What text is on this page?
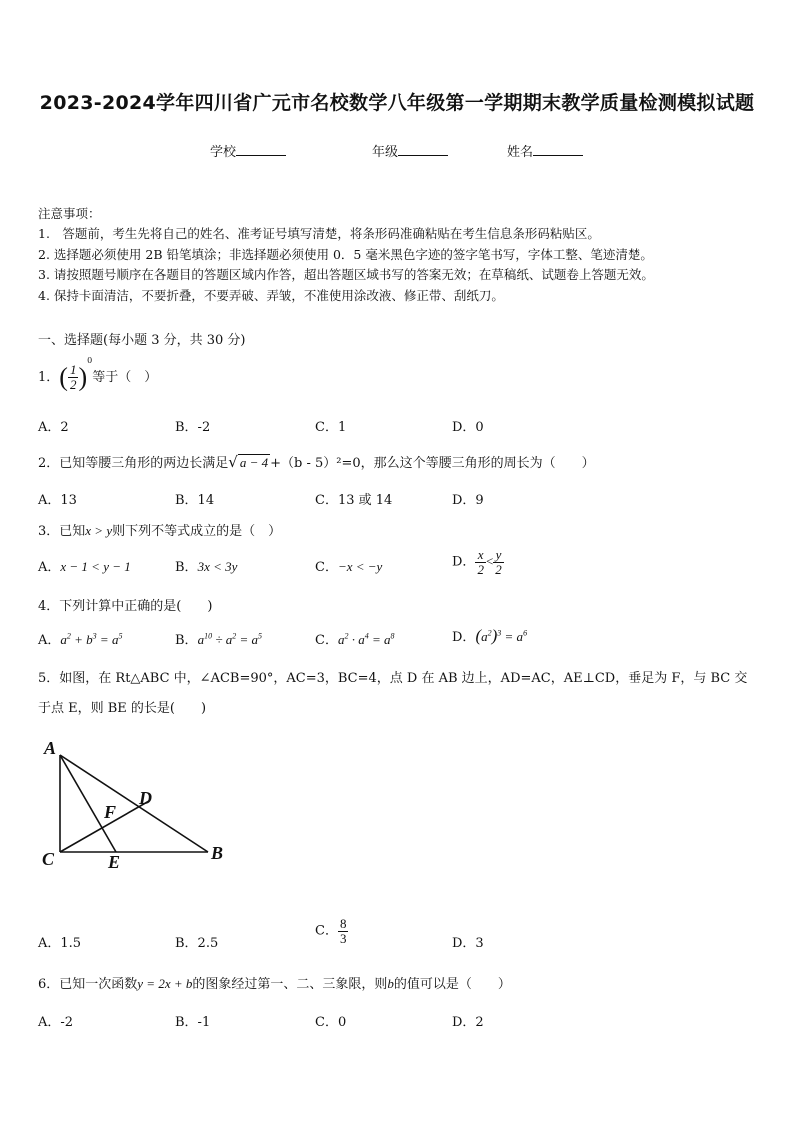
2023-2024学年四川省广元市名校数学八年级第一学期期末教学质量检测模拟试题
学校	年级	姓名
注意事项：
1.　答题前，考生先将自己的姓名、准考证号填写清楚，将条形码准确粘贴在考生信息条形码粘贴区。
2. 选择题必须使用 2B 铅笔填涂；非选择题必须使用 0．5 毫米黑色字迹的签字笔书写，字体工整、笔迹清楚。
3. 请按照题号顺序在各题目的答题区域内作答，超出答题区域书写的答案无效；在草稿纸、试题卷上答题无效。
4. 保持卡面清洁，不要折叠，不要弄破、弄皱，不准使用涂改液、修正带、刮纸刀。
一、选择题(每小题 3 分，共 30 分)
1．( $\frac{1}{2} )^0$等于（　）
A．2	B．-2	C．1	D．0
2．已知等腰三角形的两边长满足√ a − 4 +（b - 5）²=0，那么这个等腰三角形的周长为（　　）
A．13	B．14	C．13 或 14	D．9
3．已知x > y则下列不等式成立的是（　）
A．x − 1 < y − 1	B．3x < 3y	C．−x < −y	D． $\frac{x}{2} < \frac{y}{2}$
4．下列计算中正确的是(　　)
A．$a^2 + b^3 = a^5$	B．$a^{10} \div a^2 = a^5$	C．$a^2 \cdot a^4 = a^8$	D．$(a^2)^3 = a^6$
5．如图，在 Rt△ABC 中，∠ACB=90°，AC=3，BC=4，点 D 在 AB 边上，AD=AC，AE⊥CD，垂足为 F，与 BC 交
于点 E，则 BE 的长是(　　)
A
B
C
D
E
F
A．1.5	B．2.5
C． $\frac{8}{3}$	D．3
6．已知一次函数y = 2x + b的图象经过第一、二、三象限，则b的值可以是（　　）
A．-2	B．-1	C．0	D．2
